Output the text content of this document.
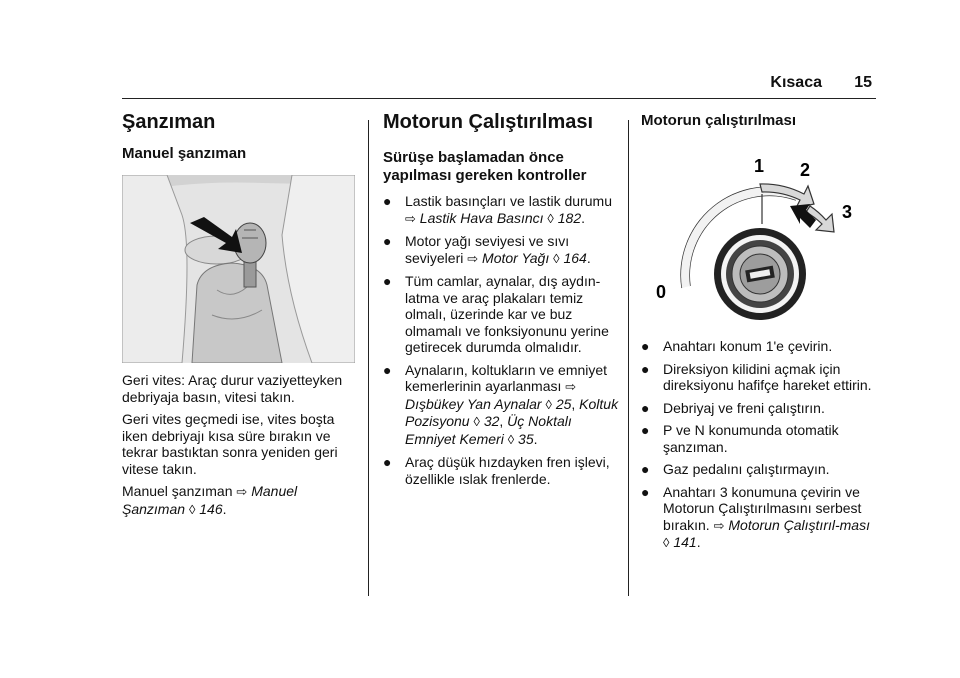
Kısaca 15
Şanzıman
Manuel şanzıman

Geri vites: Araç durur vaziyetteyken debriyaja basın, vitesi takın.

Geri vites geçmedi ise, vites boşta iken debriyajı kısa süre bırakın ve tekrar bastıktan sonra yeniden geri vitese takın.

Manuel şanzıman ⇨ Manuel Şanzıman ◊ 146.

Motorun Çalıştırılması
Sürüşe başlamadan önce yapılması gereken kontroller
● Lastik basınçları ve lastik durumu ⇨ Lastik Hava Basıncı ◊ 182.
● Motor yağı seviyesi ve sıvı seviyeleri ⇨ Motor Yağı ◊ 164.
● Tüm camlar, aynalar, dış aydın-latma ve araç plakaları temiz olmalı, üzerinde kar ve buz olmamalı ve fonksiyonunu yerine getirecek durumda olmalıdır.
● Aynaların, koltukların ve emniyet kemerlerinin ayarlanması ⇨ Dışbükey Yan Aynalar ◊ 25, Koltuk Pozisyonu ◊ 32, Üç Noktalı Emniyet Kemeri ◊ 35.
● Araç düşük hızdayken fren işlevi, özellikle ıslak frenlerde.
Motorun çalıştırılması
0
1 2
3
● Anahtarı konum 1'e çevirin.
● Direksiyon kilidini açmak için direksiyonu hafifçe hareket ettirin.
● Debriyaj ve freni çalıştırın.
● P ve N konumunda otomatik şanzıman.
● Gaz pedalını çalıştırmayın.
● Anahtarı 3 konumuna çevirin ve Motorun Çalıştırılmasını serbest bırakın. ⇨ Motorun Çalıştırıl-ması ◊ 141.
